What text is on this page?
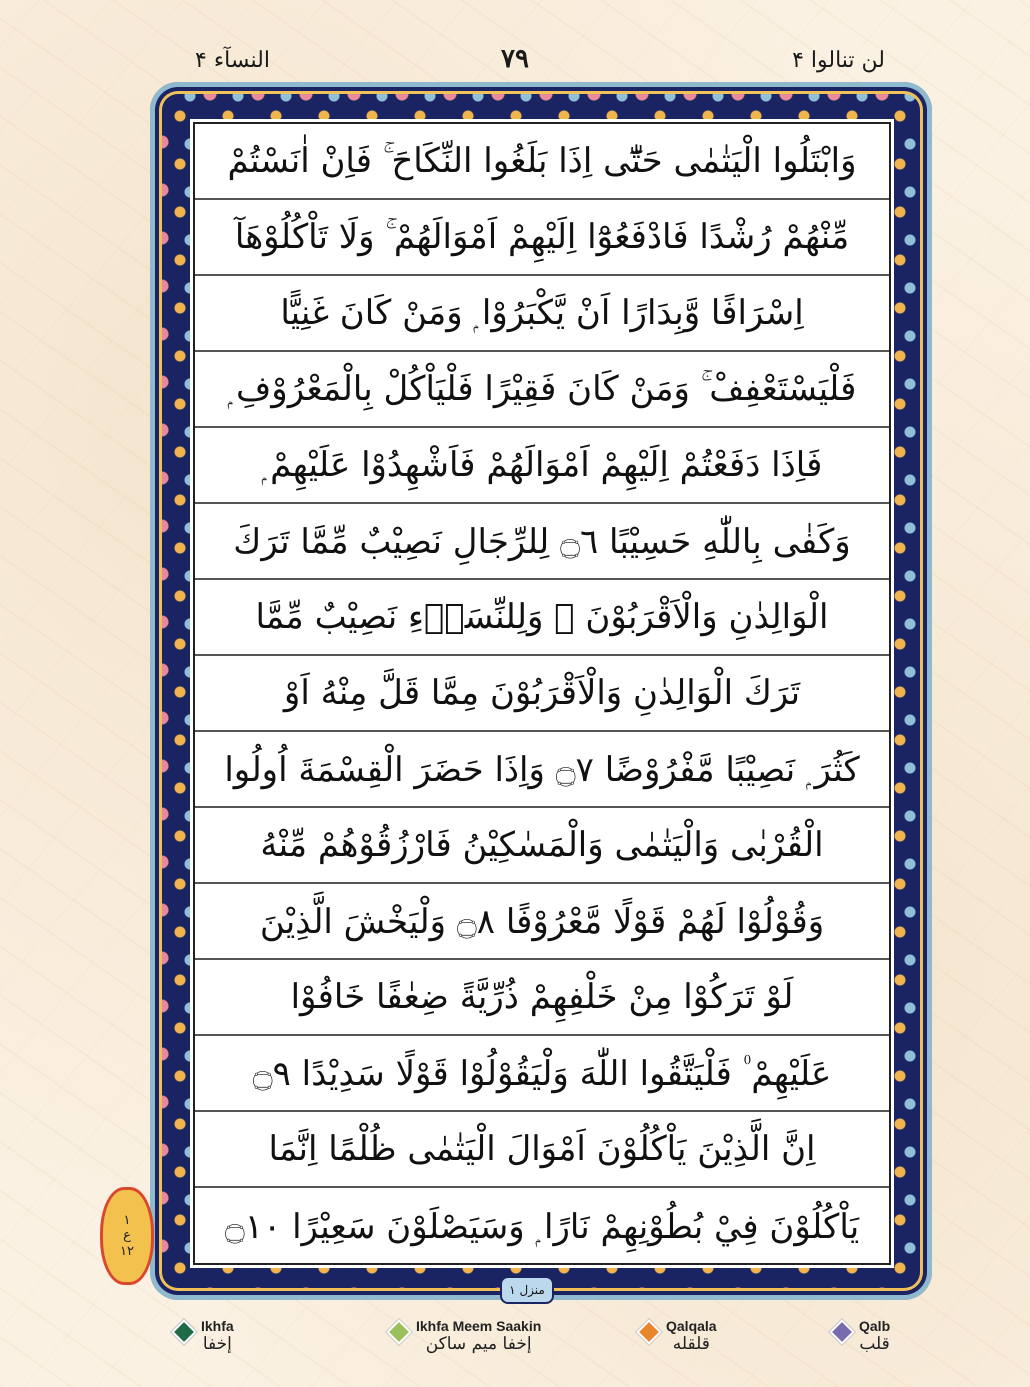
لن تنالوا ۴
٧٩
النسآء ۴
وَابْتَلُوا الْيَتٰمٰى حَتّٰٓى اِذَا بَلَغُوا النِّكَاحَ ۚ فَاِنْ اٰنَسْتُمْ
مِّنْهُمْ رُشْدًا فَادْفَعُوْٓا اِلَيْهِمْ اَمْوَالَهُمْ ۚ وَلَا تَاْكُلُوْهَآ
اِسْرَافًا وَّبِدَارًا اَنْ يَّكْبَرُوْا ۭ وَمَنْ كَانَ غَنِيًّا
فَلْيَسْتَعْفِفْ ۚ وَمَنْ كَانَ فَقِيْرًا فَلْيَاْكُلْ بِالْمَعْرُوْفِ ۭ
فَاِذَا دَفَعْتُمْ اِلَيْهِمْ اَمْوَالَهُمْ فَاَشْهِدُوْا عَلَيْهِمْ ۭ
وَكَفٰى بِاللّٰهِ حَسِيْبًا ۝٦ لِلرِّجَالِ نَصِيْبٌ مِّمَّا تَرَكَ
الْوَالِدٰنِ وَالْاَقْرَبُوْنَ ۠ وَلِلنِّسَاۗءِ نَصِيْبٌ مِّمَّا
تَرَكَ الْوَالِدٰنِ وَالْاَقْرَبُوْنَ مِمَّا قَلَّ مِنْهُ اَوْ
كَثُرَ ۭ نَصِيْبًا مَّفْرُوْضًا ۝٧ وَاِذَا حَضَرَ الْقِسْمَةَ اُولُوا
الْقُرْبٰى وَالْيَتٰمٰى وَالْمَسٰكِيْنُ فَارْزُقُوْهُمْ مِّنْهُ
وَقُوْلُوْا لَهُمْ قَوْلًا مَّعْرُوْفًا ۝٨ وَلْيَخْشَ الَّذِيْنَ
لَوْ تَرَكُوْا مِنْ خَلْفِهِمْ ذُرِّيَّةً ضِعٰفًا خَافُوْا
عَلَيْهِمْ ۠ فَلْيَتَّقُوا اللّٰهَ وَلْيَقُوْلُوْا قَوْلًا سَدِيْدًا ۝٩
اِنَّ الَّذِيْنَ يَاْكُلُوْنَ اَمْوَالَ الْيَتٰمٰى ظُلْمًا اِنَّمَا
يَاْكُلُوْنَ فِيْ بُطُوْنِهِمْ نَارًا ۭ وَسَيَصْلَوْنَ سَعِيْرًا ۝١٠
١
ع
١٢
منزل ١
Ikhfa
إخفا
Ikhfa Meem Saakin
إخفا ميم ساكن
Qalqala
قلقله
Qalb
قلب
